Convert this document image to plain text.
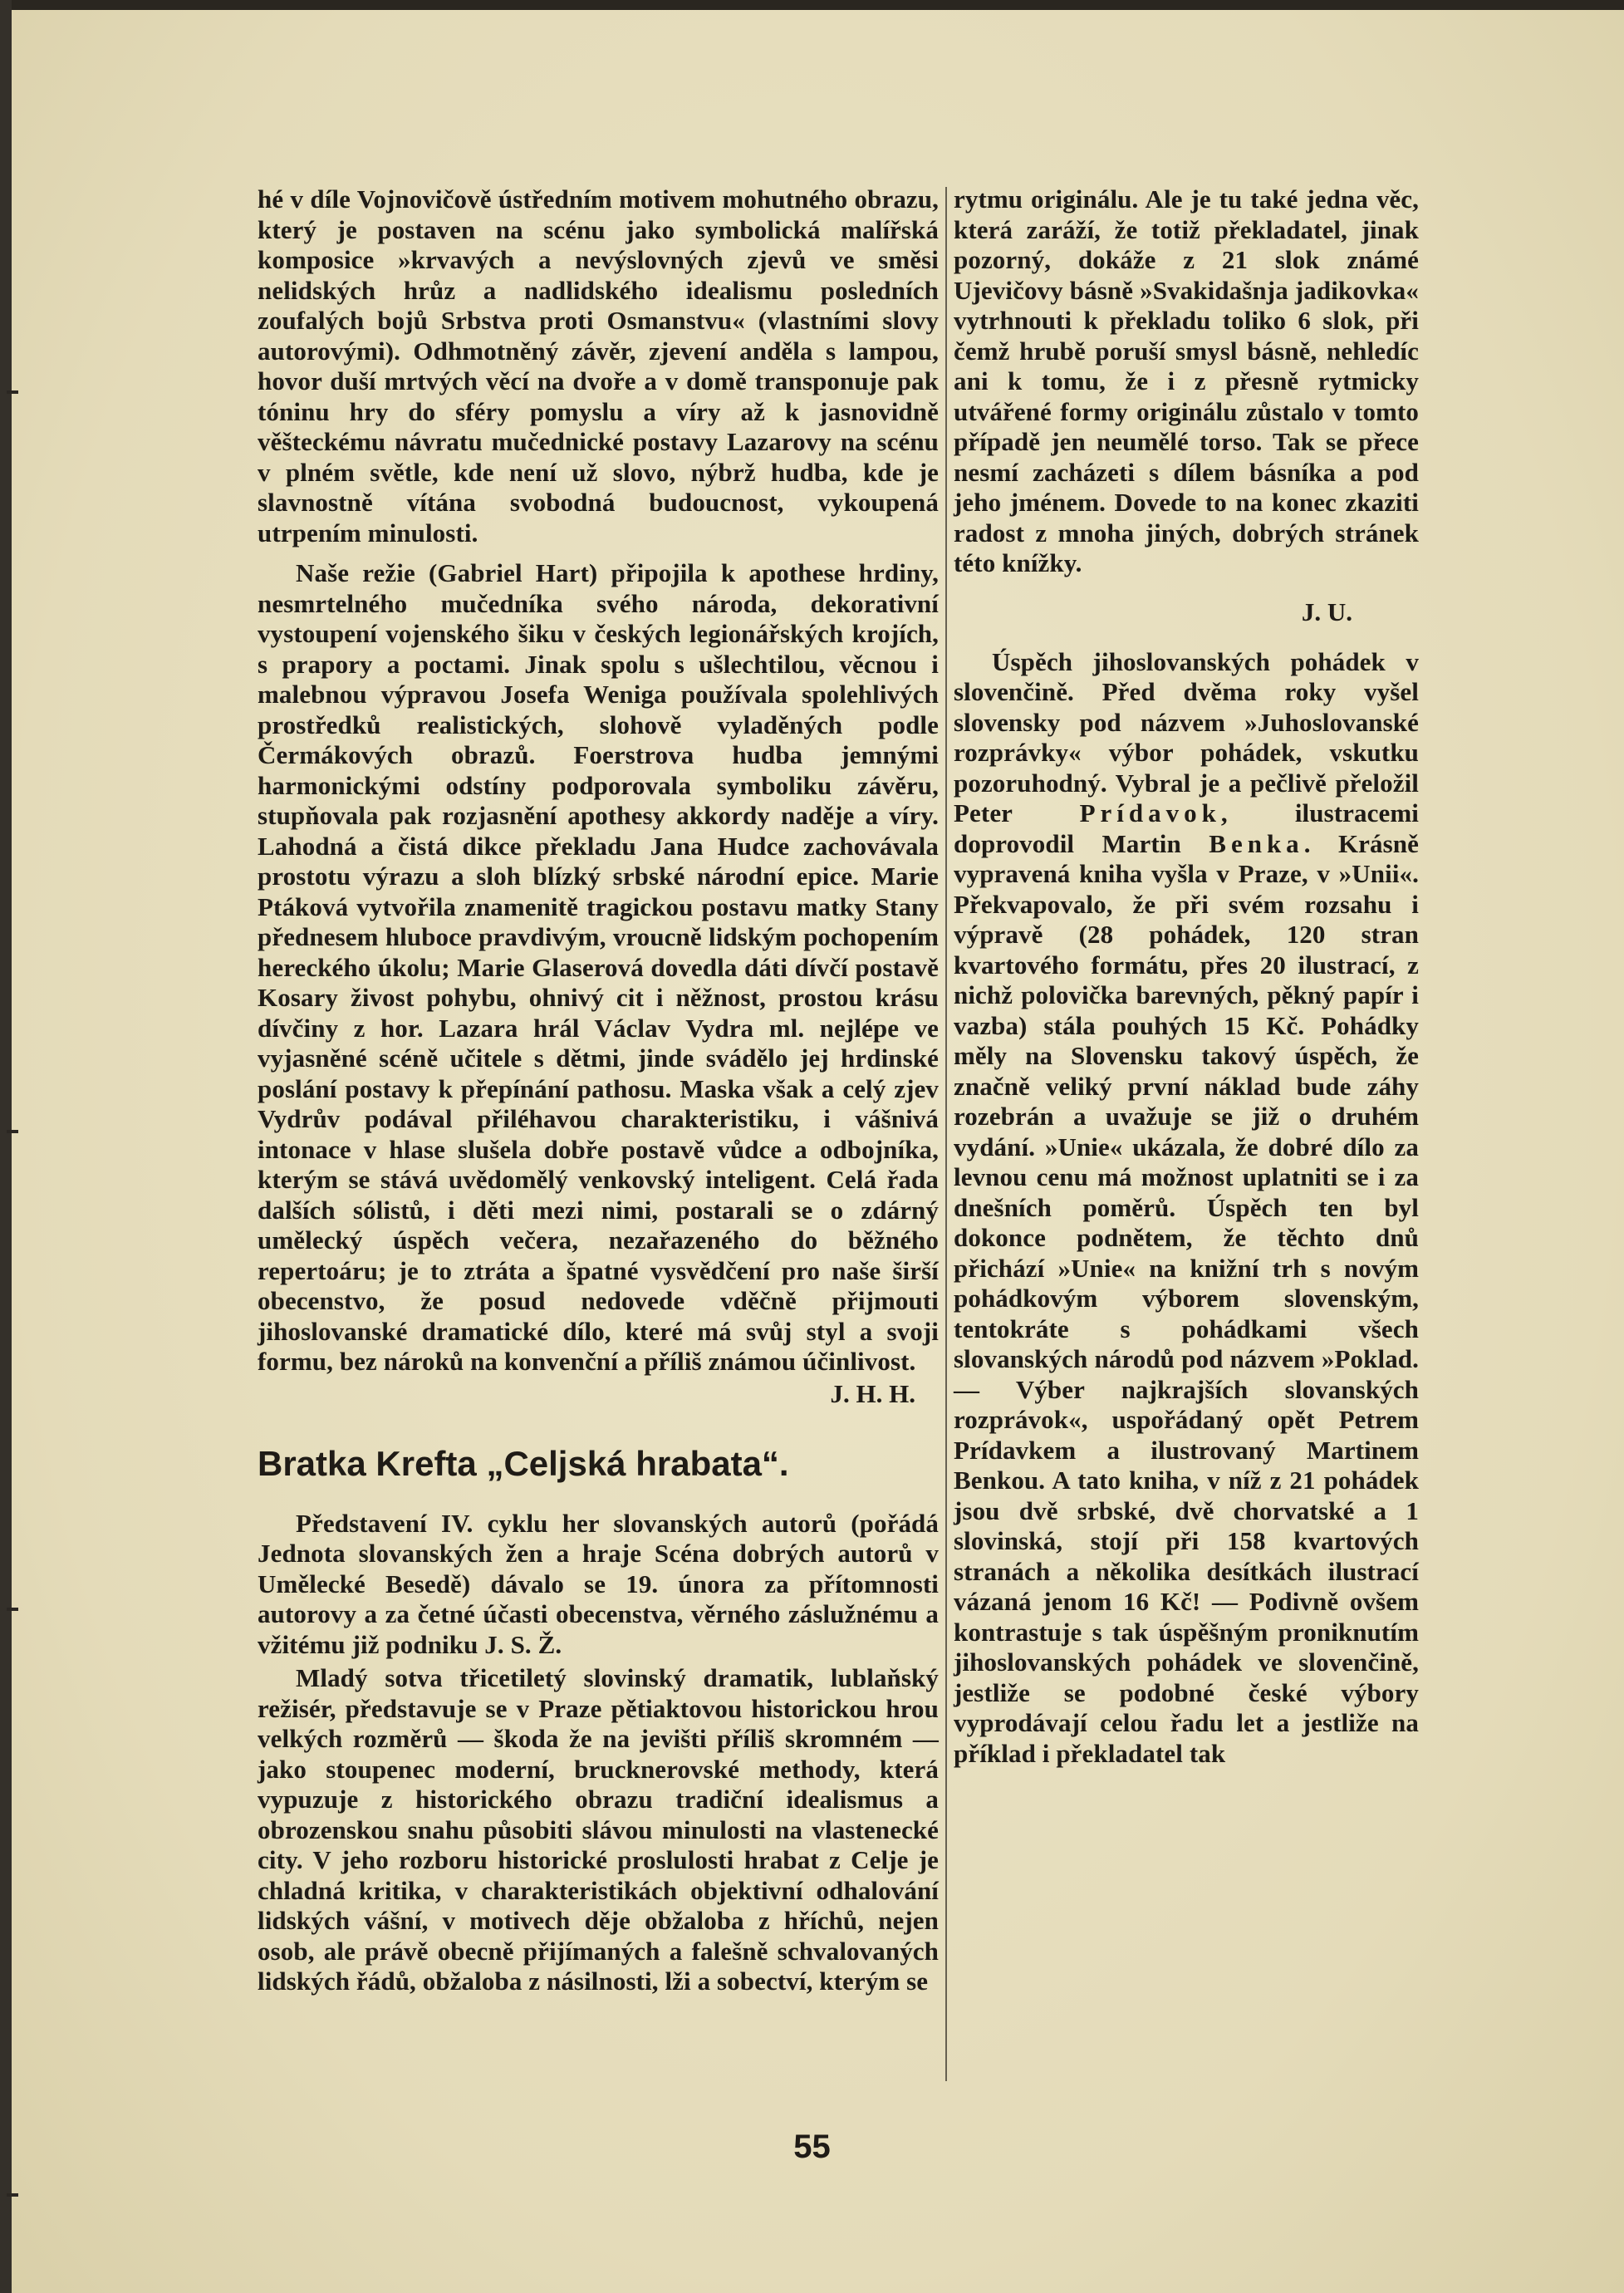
hé v díle Vojnovičově ústředním motivem mohutného obrazu, který je postaven na scénu jako symbolická malířská komposice »krvavých a nevýslovných zjevů ve směsi nelidských hrůz a nadlidského idealismu posledních zoufalých bojů Srbstva proti Osmanstvu« (vlastními slovy autorovými). Odhmotněný závěr, zjevení anděla s lampou, hovor duší mrtvých věcí na dvoře a v domě transponuje pak tóninu hry do sféry pomyslu a víry až k jasnovidně věšteckému návratu mučednické postavy Lazarovy na scénu v plném světle, kde není už slovo, nýbrž hudba, kde je slavnostně vítána svobodná budoucnost, vykoupená utrpením minulosti.

Naše režie (Gabriel Hart) připojila k apothese hrdiny, nesmrtelného mučedníka svého národa, dekorativní vystoupení vojenského šiku v českých legionářských krojích, s prapory a poctami. Jinak spolu s ušlechtilou, věcnou i malebnou výpravou Josefa Weniga používala spolehlivých prostředků realistických, slohově vyladěných podle Čermákových obrazů. Foerstrova hudba jemnými harmonickými odstíny podporovala symboliku závěru, stupňovala pak rozjasnění apothesy akkordy naděje a víry. Lahodná a čistá dikce překladu Jana Hudce zachovávala prostotu výrazu a sloh blízký srbské národní epice. Marie Ptáková vytvořila znamenitě tragickou postavu matky Stany přednesem hluboce pravdivým, vroucně lidským pochopením hereckého úkolu; Marie Glaserová dovedla dáti dívčí postavě Kosary živost pohybu, ohnivý cit i něžnost, prostou krásu dívčiny z hor. Lazara hrál Václav Vydra ml. nejlépe ve vyjasněné scéně učitele s dětmi, jinde svádělo jej hrdinské poslání postavy k přepínání pathosu. Maska však a celý zjev Vydrův podával přiléhavou charakteristiku, i vášnivá intonace v hlase slušela dobře postavě vůdce a odbojníka, kterým se stává uvědomělý venkovský inteligent. Celá řada dalších sólistů, i děti mezi nimi, postarali se o zdárný umělecký úspěch večera, nezařazeného do běžného repertoáru; je to ztráta a špatné vysvědčení pro naše širší obecenstvo, že posud nedovede vděčně přijmouti jihoslovanské dramatické dílo, které má svůj styl a svoji formu, bez nároků na konvenční a příliš známou účinlivost.

J. H. H.
Bratka Krefta „Celjská hrabata“.

Představení IV. cyklu her slovanských autorů (pořádá Jednota slovanských žen a hraje Scéna dobrých autorů v Umělecké Besedě) dávalo se 19. února za přítomnosti autorovy a za četné účasti obecenstva, věrného záslužnému a vžitému již podniku J. S. Ž.

Mladý sotva třicetiletý slovinský dramatik, lublaňský režisér, představuje se v Praze pětiaktovou historickou hrou velkých rozměrů — škoda že na jevišti příliš skromném — jako stoupenec moderní, brucknerovské methody, která vypuzuje z historického obrazu tradiční idealismus a obrozenskou snahu působiti slávou minulosti na vlastenecké city. V jeho rozboru historické proslulosti hrabat z Celje je chladná kritika, v charakteristikách objektivní odhalování lidských vášní, v motivech děje obžaloba z hříchů, nejen osob, ale právě obecně přijímaných a falešně schvalovaných lidských řádů, obžaloba z násilnosti, lži a sobectví, kterým se

rytmu originálu. Ale je tu také jedna věc, která zaráží, že totiž překladatel, jinak pozorný, dokáže z 21 slok známé Ujevičovy básně »Svakidašnja jadikovka« vytrhnouti k překladu toliko 6 slok, při čemž hrubě poruší smysl básně, nehledíc ani k tomu, že i z přesně rytmicky utvářené formy originálu zůstalo v tomto případě jen neumělé torso. Tak se přece nesmí zacházeti s dílem básníka a pod jeho jménem. Dovede to na konec zkaziti radost z mnoha jiných, dobrých stránek této knížky.

J. U.

Úspěch jihoslovanských pohádek v slovenčině. Před dvěma roky vyšel slovensky pod názvem »Juhoslovanské rozprávky« výbor pohádek, vskutku pozoruhodný. Vybral je a pečlivě přeložil Peter Prídavok, ilustracemi doprovodil Martin Benka. Krásně vypravená kniha vyšla v Praze, v »Unii«. Překvapovalo, že při svém rozsahu i výpravě (28 pohádek, 120 stran kvartového formátu, přes 20 ilustrací, z nichž polovička barevných, pěkný papír i vazba) stála pouhých 15 Kč. Pohádky měly na Slovensku takový úspěch, že značně veliký první náklad bude záhy rozebrán a uvažuje se již o druhém vydání. »Unie« ukázala, že dobré dílo za levnou cenu má možnost uplatniti se i za dnešních poměrů. Úspěch ten byl dokonce podnětem, že těchto dnů přichází »Unie« na knižní trh s novým pohádkovým výborem slovenským, tentokráte s pohádkami všech slovanských národů pod názvem »Poklad. — Výber najkrajších slovanských rozprávok«, uspořádaný opět Petrem Prídavkem a ilustrovaný Martinem Benkou. A tato kniha, v níž z 21 pohádek jsou dvě srbské, dvě chorvatské a 1 slovinská, stojí při 158 kvartových stranách a několika desítkách ilustrací vázaná jenom 16 Kč! — Podivně ovšem kontrastuje s tak úspěšným proniknutím jihoslovanských pohádek ve slovenčině, jestliže se podobné české výbory vyprodávají celou řadu let a jestliže na příklad i překladatel tak

55
